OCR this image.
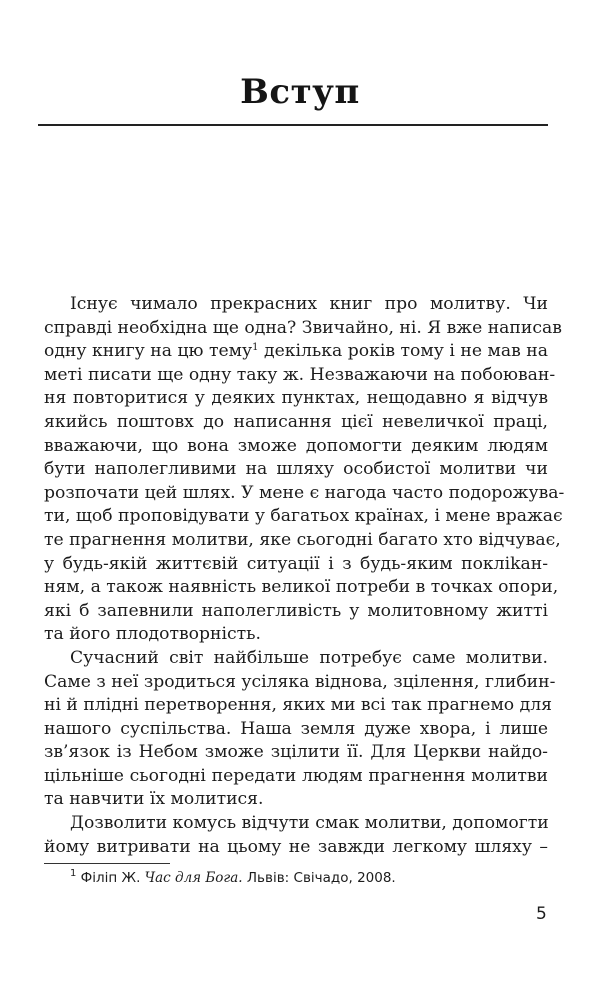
Вступ
Існує чимало прекрасних книг про молитву. Чи
справді необхідна ще одна? Звичайно, ні. Я вже написав
одну книгу на цю тему$^1$ декілька років тому і не мав на
метi писати ще одну таку ж. Незважаючи на побоюван-
ня повторитися у деяких пунктах, нещодавно я відчув
якийсь поштовх до написання цієї невеличкої праці,
вважаючи, що вона зможе допомогти деяким людям
бути наполегливими на шляху особистої молитви чи
розпочати цей шлях. У мене є нагода часто подорожува-
ти, щоб проповідувати у багатьох країнах, і мене вражає
те прагнення молитви, яке сьогодні багато хто відчуває,
у будь-якій життєвій ситуації і з будь-яким поклikан-
ням, а також наявність великої потреби в точках опори,
які б запевнили наполегливість у молитовному житті
та його плодотворність.
Сучасний світ найбільше потребує саме молитви.
Саме з неї зродиться усіляка віднова, зцілення, глибин-
ні й плідні перетворення, яких ми всі так прагнемо для
нашого суспільства. Наша земля дуже хвора, і лише
зв’язок із Небом зможе зцілити її. Для Церкви найдо-
цільніше сьогодні передати людям прагнення молитви
та навчити їх молитися.
Дозволити комусь відчути смак молитви, допомогти
йому витривати на цьому не завжди легкому шляху –
$^1$ Філіп Ж. Час для Бога. Львів: Свічадо, 2008.
5
